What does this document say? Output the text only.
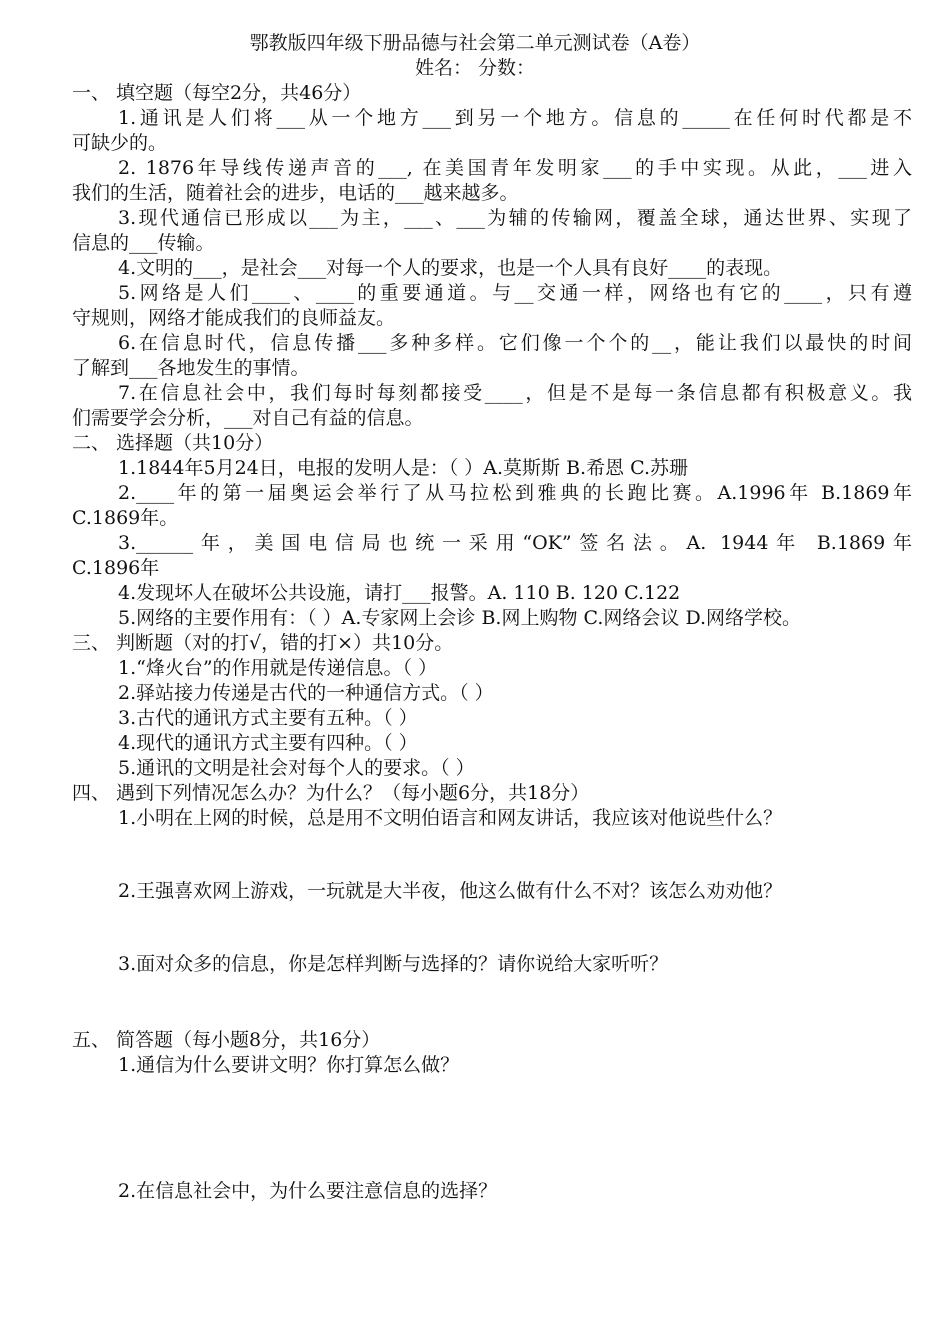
鄂教版四年级下册品德与社会第二单元测试卷（A卷）
姓名： 分数：
一、 填空题（每空2分，共46分）
1.通讯是人们将___从一个地方___到另一个地方。信息的_____在任何时代都是不
可缺少的。
2. 1876年导线传递声音的___, 在美国青年发明家___的手中实现。从此，___进入
我们的生活，随着社会的进步，电话的___越来越多。
3.现代通信已形成以___为主，___、___为辅的传输网，覆盖全球，通达世界、实现了
信息的___传输。
4.文明的___，是社会___对每一个人的要求，也是一个人具有良好____的表现。
5.网络是人们____、____的重要通道。与__交通一样，网络也有它的____，只有遵
守规则，网络才能成我们的良师益友。
6.在信息时代，信息传播___多种多样。它们像一个个的__，能让我们以最快的时间
了解到___各地发生的事情。
7.在信息社会中，我们每时每刻都接受____，但是不是每一条信息都有积极意义。我
们需要学会分析，___对自己有益的信息。
二、 选择题（共10分）
1.1844年5月24日，电报的发明人是：（ ）A.莫斯斯 B.希恩 C.苏珊
2.____年的第一届奥运会举行了从马拉松到雅典的长跑比赛。A.1996年 B.1869年
C.1869年。
3.______年，美国电信局也统一采用“OK”签名法。A. 1944年 B.1869年
C.1896年
4.发现坏人在破坏公共设施，请打___报警。A. 110 B. 120 C.122
5.网络的主要作用有：（ ）A.专家网上会诊 B.网上购物 C.网络会议 D.网络学校。
三、 判断题（对的打√，错的打×）共10分。
1.“烽火台”的作用就是传递信息。（ ）
2.驿站接力传递是古代的一种通信方式。（ ）
3.古代的通讯方式主要有五种。（ ）
4.现代的通讯方式主要有四种。（ ）
5.通讯的文明是社会对每个人的要求。（ ）
四、 遇到下列情况怎么办？为什么？（每小题6分，共18分）
1.小明在上网的时候，总是用不文明伯语言和网友讲话，我应该对他说些什么？
2.王强喜欢网上游戏，一玩就是大半夜，他这么做有什么不对？该怎么劝劝他？
3.面对众多的信息，你是怎样判断与选择的？请你说给大家听听？
五、 简答题（每小题8分，共16分）
1.通信为什么要讲文明？你打算怎么做？
2.在信息社会中，为什么要注意信息的选择？
